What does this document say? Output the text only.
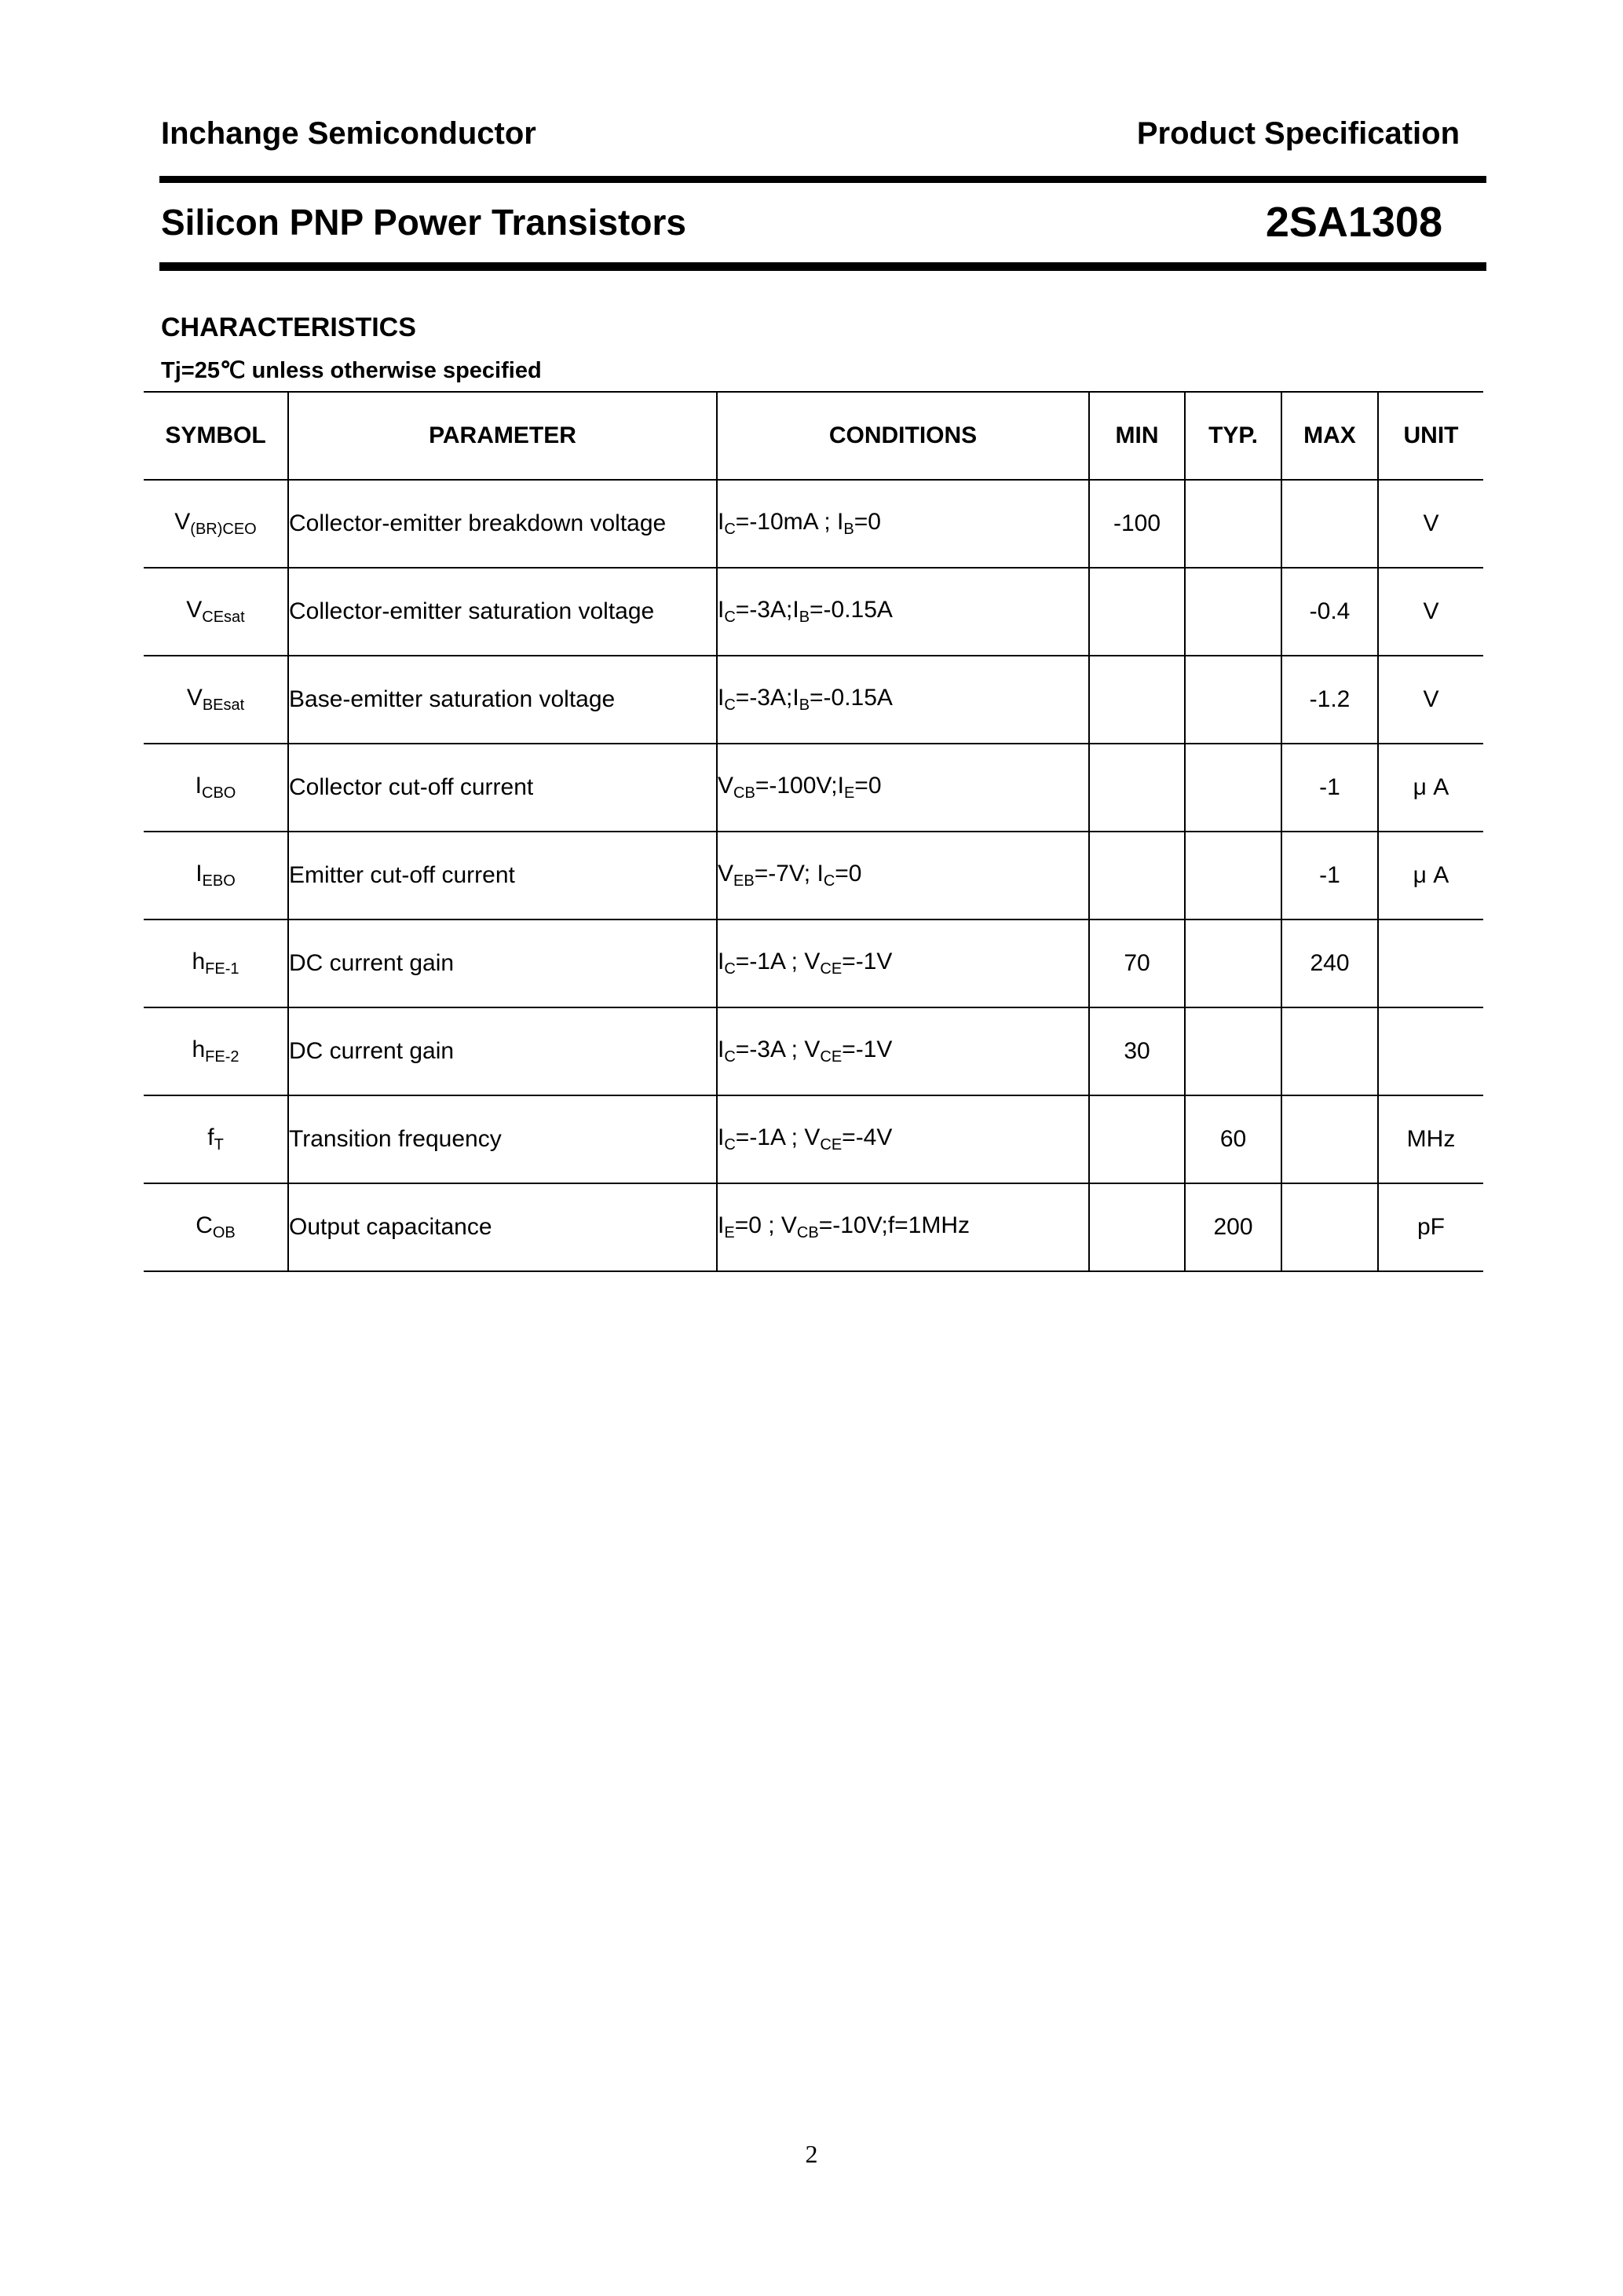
Inchange Semiconductor	Product Specification
Silicon PNP Power Transistors	2SA1308
CHARACTERISTICS
Tj=25℃ unless otherwise specified
SYMBOL	PARAMETER	CONDITIONS	MIN	TYP.	MAX	UNIT
$V_{(BR)CEO}$	Collector-emitter breakdown voltage	$I_C=-10mA$ ; $I_B=0$	-100			V
$V_{CEsat}$	Collector-emitter saturation voltage	$I_C=-3A;I_B=-0.15A$			-0.4	V
$V_{BEsat}$	Base-emitter saturation voltage	$I_C=-3A;I_B=-0.15A$			-1.2	V
$I_{CBO}$	Collector cut-off current	$V_{CB}=-100V;I_E=0$			-1	μ A
$I_{EBO}$	Emitter cut-off current	$V_{EB}=-7V$; $I_C=0$			-1	μ A
$h_{FE-1}$	DC current gain	$I_C=-1A$ ; $V_{CE}=-1V$	70		240	
$h_{FE-2}$	DC current gain	$I_C=-3A$ ; $V_{CE}=-1V$	30			
$f_T$	Transition frequency	$I_C=-1A$ ; $V_{CE}=-4V$		60		MHz
$C_{OB}$	Output capacitance	$I_E=0$ ; $V_{CB}=-10V;f=1MHz$		200		pF
2
